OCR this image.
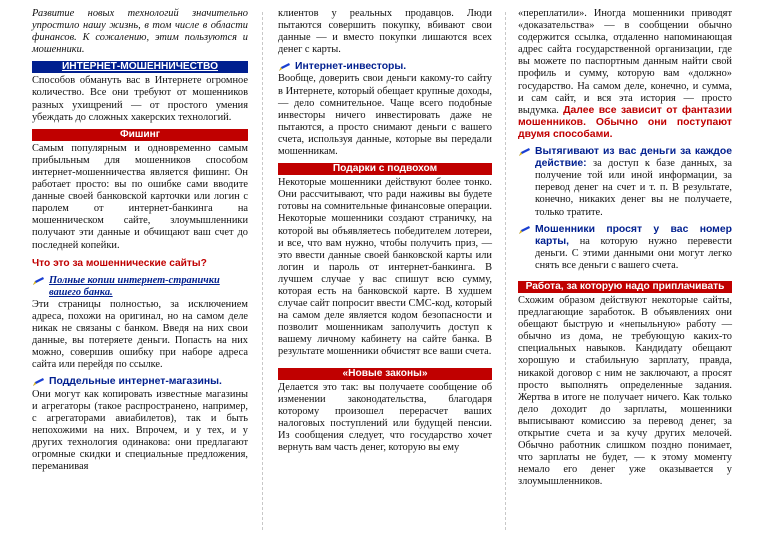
Развитие новых технологий значительно упростило нашу жизнь, в том числе в области финансов. К сожалению, этим пользуются и мошенники.

ИНТЕРНЕТ-МОШЕННИЧЕСТВО

Способов обмануть вас в Интернете огромное количество. Все они требуют от мошенников разных ухищрений — от простого умения убеждать до сложных хакерских технологий.

Фишинг

Самым популярным и одновременно самым прибыльным для мошенников способом интернет-мошенничества является фишинг. Он работает просто: вы по ошибке сами вводите данные своей банковской карточки или логин с паролем от интернет-банкинга на мошенническом сайте, злоумышленники получают эти данные и обчищают ваш счет до последней копейки.

Что это за мошеннические сайты?
Полные копии интернет-странички вашего банка.

Эти страницы полностью, за исключением адреса, похожи на оригинал, но на самом деле никак не связаны с банком. Введя на них свои данные, вы потеряете деньги. Попасть на них можно, совершив ошибку при наборе адреса сайта или перейдя по ссылке.

Поддельные интернет-магазины.

Они могут как копировать известные магазины и агрегаторы (такое распространено, например, с агрегаторами авиабилетов), так и быть непохожими на них. Впрочем, и у тех, и у других технология одинакова: они предлагают огромные скидки и специальные предложения, переманивая

клиентов у реальных продавцов. Люди пытаются совершить покупку, вбивают свои данные — и вместо покупки лишаются всех денег с карты.

Интернет-инвесторы.

Вообще, доверить свои деньги какому-то сайту в Интернете, который обещает крупные доходы, — дело сомнительное. Чаще всего подобные инвесторы ничего инвестировать даже не пытаются, а просто снимают деньги с вашего счета, используя данные, которые вы передали мошенникам.

Подарки с подвохом

Некоторые мошенники действуют более тонко. Они рассчитывают, что ради наживы вы будете готовы на сомнительные финансовые операции. Некоторые мошенники создают страничку, на которой вы объявляетесь победителем лотереи, и все, что вам нужно, чтобы получить приз, — это ввести данные своей банковской карты или логин и пароль от интернет-банкинга. В лучшем случае у вас спишут всю сумму, которая есть на банковской карте. В худшем случае сайт попросит ввести СМС-код, который на самом деле является кодом безопасности и позволит мошенникам заполучить доступ к вашему личному кабинету на сайте банка. В результате мошенники обчистят все ваши счета.

«Новые законы»

Делается это так: вы получаете сообщение об изменении законодательства, благодаря которому произошел перерасчет ваших налоговых поступлений или будущей пенсии. Из сообщения следует, что государство хочет вернуть вам часть денег, которую вы ему

«переплатили». Иногда мошенники приводят «доказательства» — в сообщении обычно содержится ссылка, отдаленно напоминающая адрес сайта государственной организации, где вы можете по паспортным данным найти свой профиль и сумму, которую вам «должно» государство. На самом деле, конечно, и сумма, и сам сайт, и вся эта история — просто выдумка. Далее все зависит от фантазии мошенников. Обычно они поступают двумя способами.

Вытягивают из вас деньги за каждое действие: за доступ к базе данных, за получение той или иной информации, за перевод денег на счет и т. п. В результате, конечно, никаких денег вы не получаете, только тратите.

Мошенники просят у вас номер карты, на которую нужно перевести деньги. С этими данными они могут легко снять все деньги с вашего счета.

Работа, за которую надо приплачивать

Схожим образом действуют некоторые сайты, предлагающие заработок. В объявлениях они обещают быструю и «непыльную» работу — обычно из дома, не требующую каких-то специальных навыков. Кандидату обещают хорошую и стабильную зарплату, правда, никакой договор с ним не заключают, а просят просто выполнять определенные задания. Жертва в итоге не получает ничего. Как только дело доходит до зарплаты, мошенники выписывают комиссию за перевод денег, за открытие счета и за кучу других мелочей. Обычно работник слишком поздно понимает, что зарплаты не будет, — к этому моменту немало его денег уже оказывается у злоумышленников.
